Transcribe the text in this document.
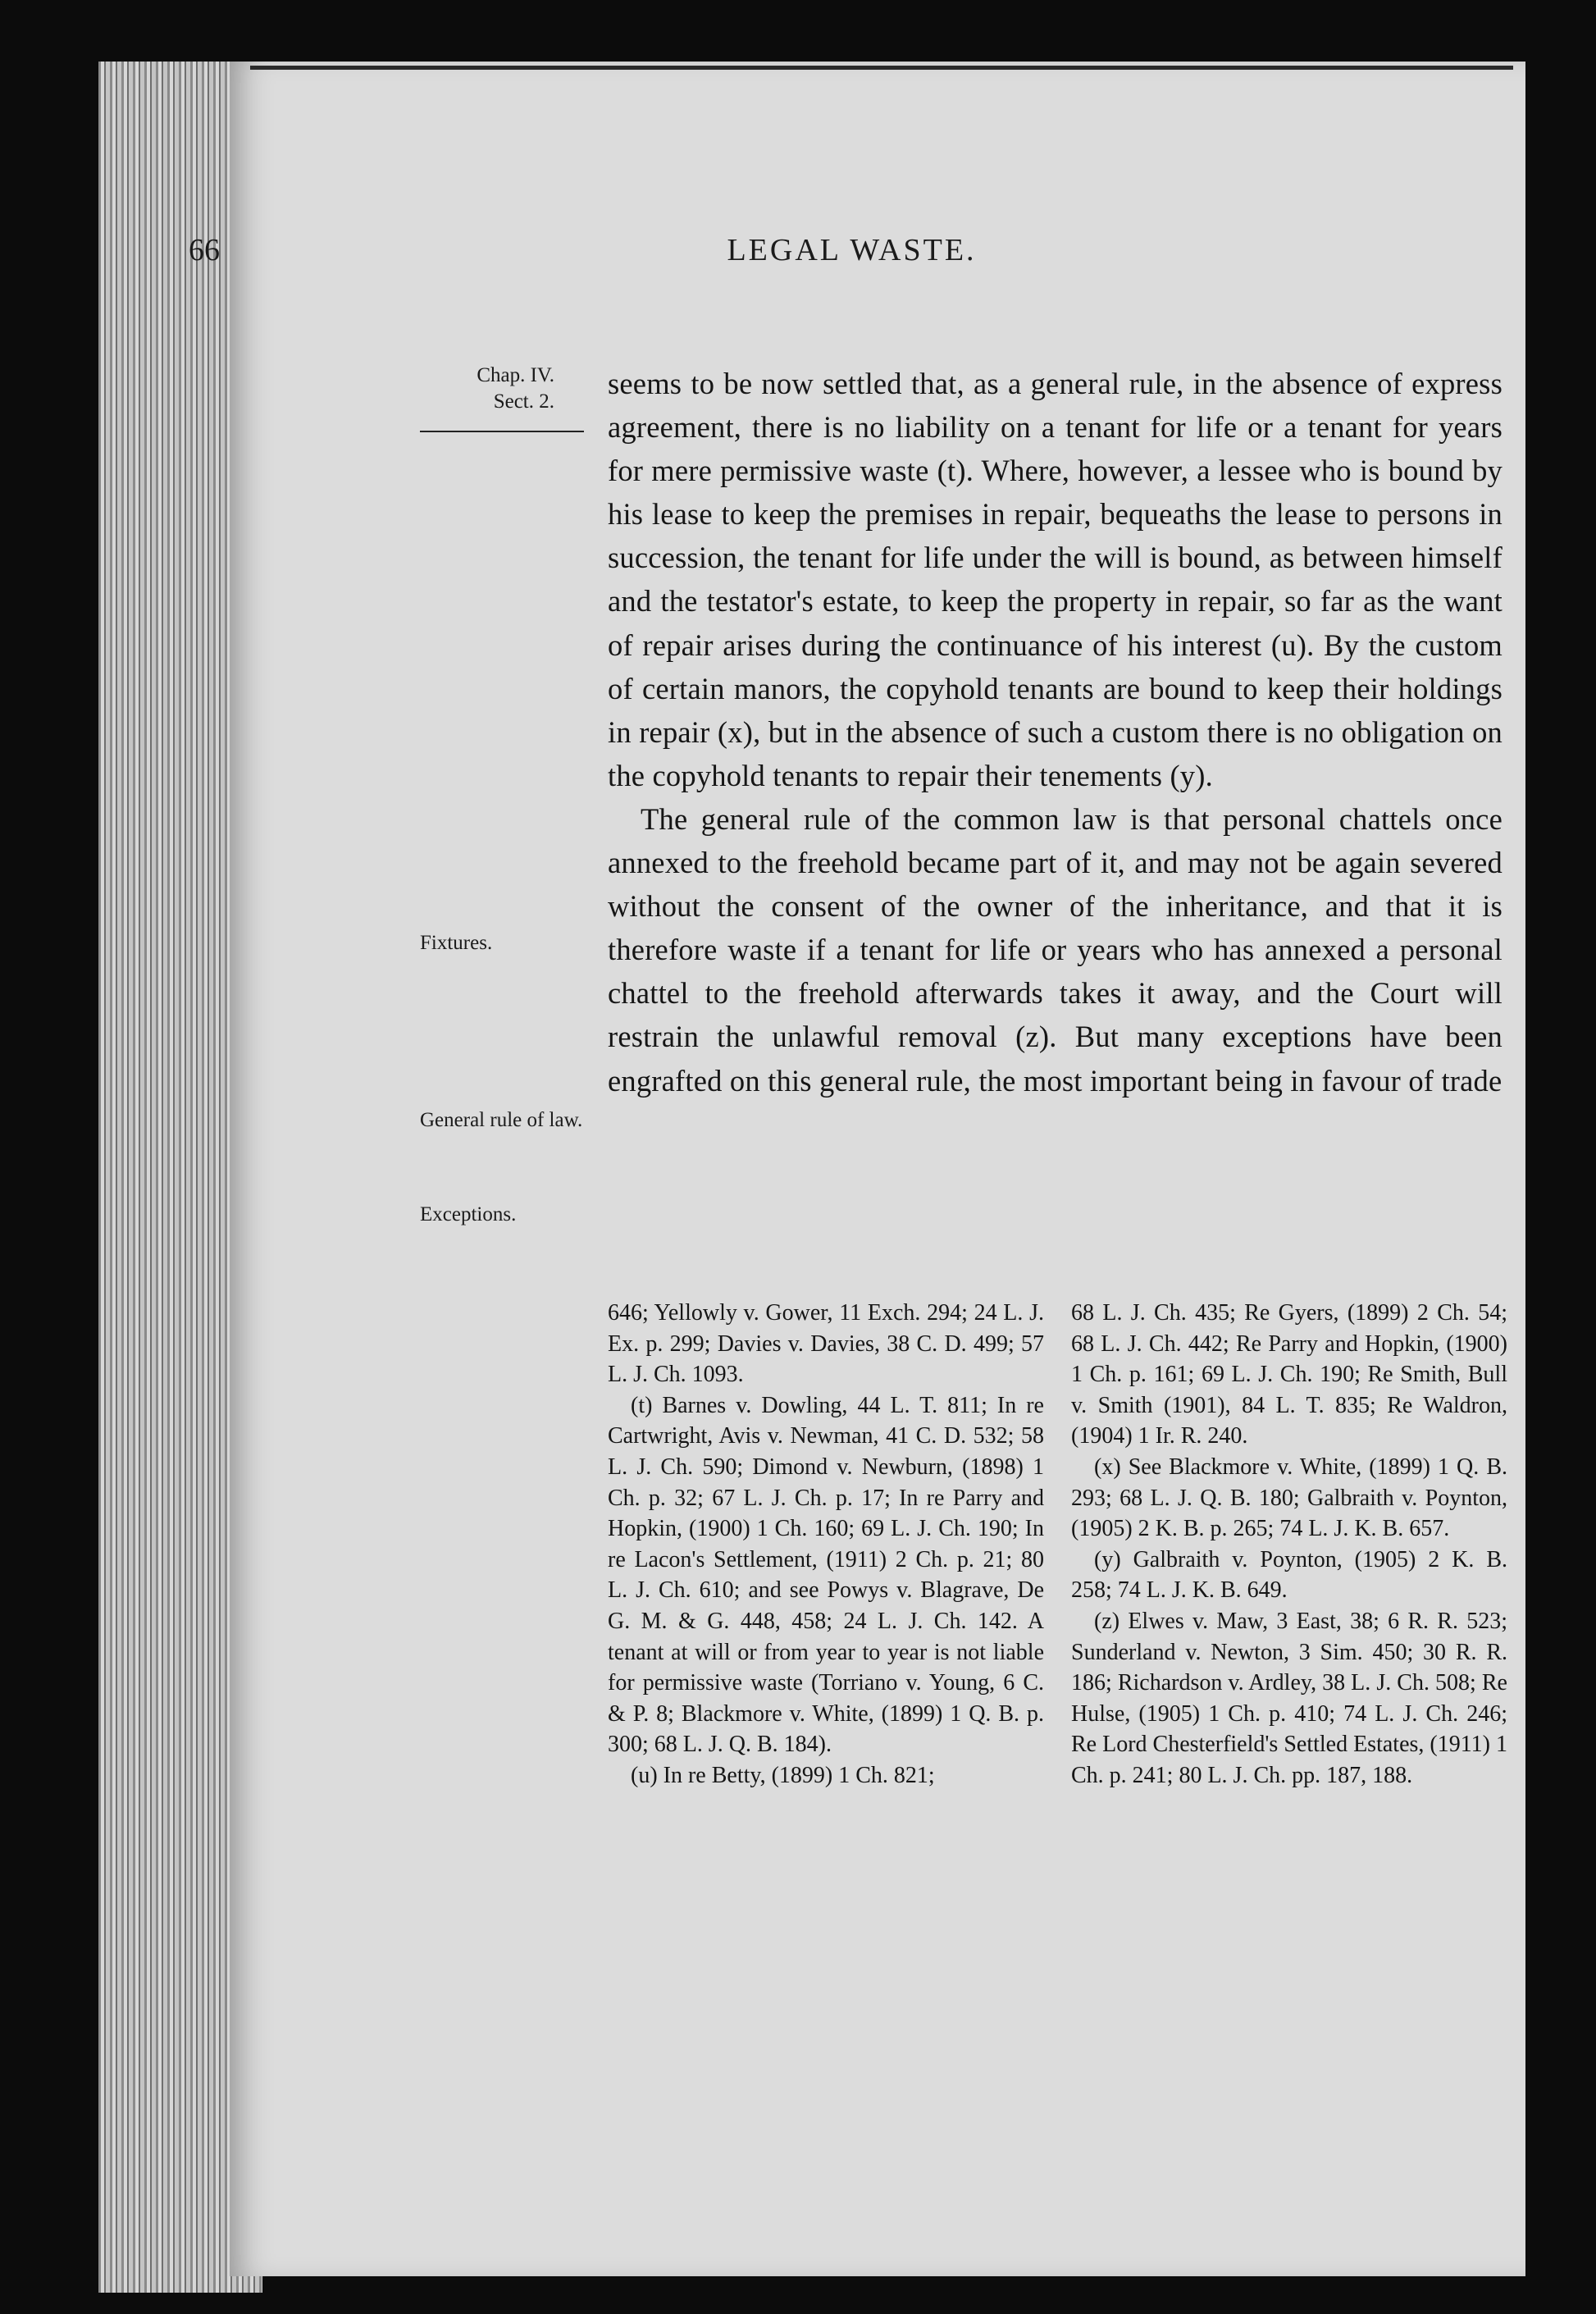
66	LEGAL WASTE.
Chap. IV.
Sect. 2.
Fixtures.
General rule of law.
Exceptions.

seems to be now settled that, as a general rule, in the absence of express agreement, there is no liability on a tenant for life or a tenant for years for mere permissive waste (t). Where, however, a lessee who is bound by his lease to keep the premises in repair, bequeaths the lease to persons in succession, the tenant for life under the will is bound, as between himself and the testator's estate, to keep the property in repair, so far as the want of repair arises during the continuance of his interest (u). By the custom of certain manors, the copyhold tenants are bound to keep their holdings in repair (x), but in the absence of such a custom there is no obligation on the copyhold tenants to repair their tenements (y).

The general rule of the common law is that personal chattels once annexed to the freehold became part of it, and may not be again severed without the consent of the owner of the inheritance, and that it is therefore waste if a tenant for life or years who has annexed a personal chattel to the freehold afterwards takes it away, and the Court will restrain the unlawful removal (z). But many exceptions have been engrafted on this general rule, the most important being in favour of trade

646; Yellowly v. Gower, 11 Exch. 294; 24 L. J. Ex. p. 299; Davies v. Davies, 38 C. D. 499; 57 L. J. Ch. 1093.

(t) Barnes v. Dowling, 44 L. T. 811; In re Cartwright, Avis v. Newman, 41 C. D. 532; 58 L. J. Ch. 590; Dimond v. Newburn, (1898) 1 Ch. p. 32; 67 L. J. Ch. p. 17; In re Parry and Hopkin, (1900) 1 Ch. 160; 69 L. J. Ch. 190; In re Lacon's Settlement, (1911) 2 Ch. p. 21; 80 L. J. Ch. 610; and see Powys v. Blagrave, De G. M. & G. 448, 458; 24 L. J. Ch. 142. A tenant at will or from year to year is not liable for permissive waste (Torriano v. Young, 6 C. & P. 8; Blackmore v. White, (1899) 1 Q. B. p. 300; 68 L. J. Q. B. 184).

(u) In re Betty, (1899) 1 Ch. 821;

68 L. J. Ch. 435; Re Gyers, (1899) 2 Ch. 54; 68 L. J. Ch. 442; Re Parry and Hopkin, (1900) 1 Ch. p. 161; 69 L. J. Ch. 190; Re Smith, Bull v. Smith (1901), 84 L. T. 835; Re Waldron, (1904) 1 Ir. R. 240.

(x) See Blackmore v. White, (1899) 1 Q. B. 293; 68 L. J. Q. B. 180; Galbraith v. Poynton, (1905) 2 K. B. p. 265; 74 L. J. K. B. 657.

(y) Galbraith v. Poynton, (1905) 2 K. B. 258; 74 L. J. K. B. 649.

(z) Elwes v. Maw, 3 East, 38; 6 R. R. 523; Sunderland v. Newton, 3 Sim. 450; 30 R. R. 186; Richardson v. Ardley, 38 L. J. Ch. 508; Re Hulse, (1905) 1 Ch. p. 410; 74 L. J. Ch. 246; Re Lord Chesterfield's Settled Estates, (1911) 1 Ch. p. 241; 80 L. J. Ch. pp. 187, 188.
